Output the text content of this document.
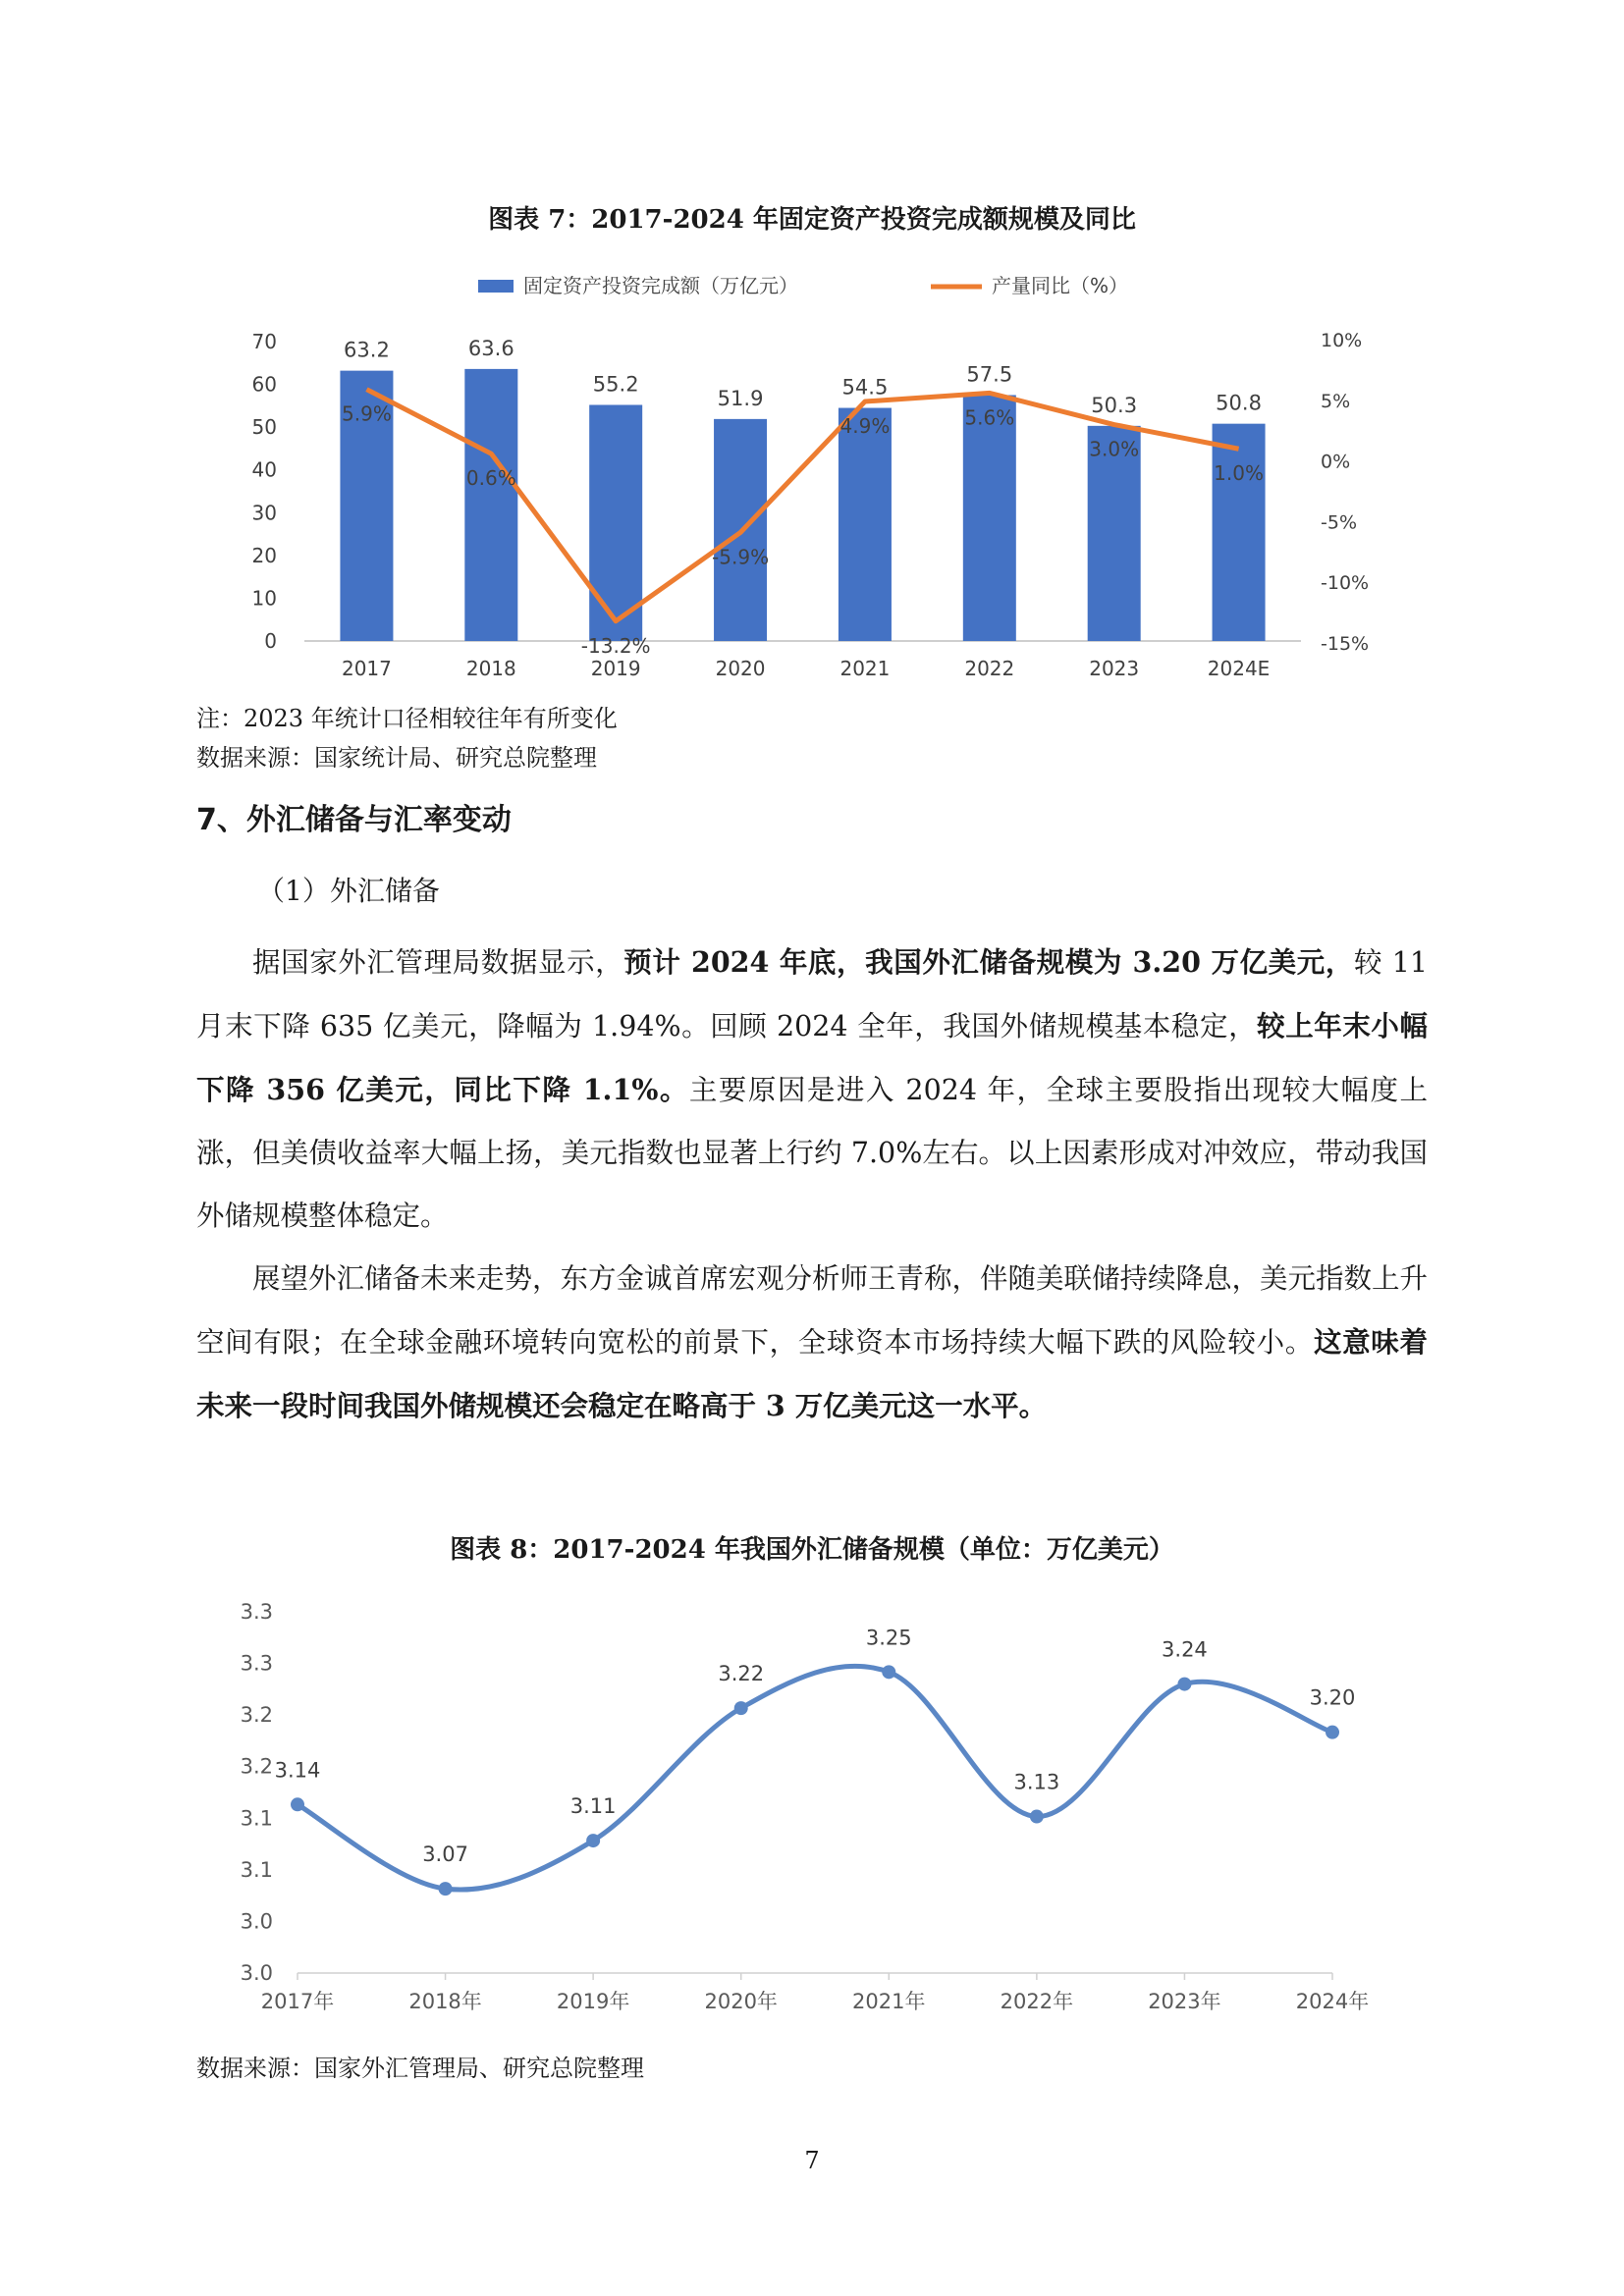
图表 7：2017-2024 年固定资产投资完成额规模及同比
固定资产投资完成额（万亿元）	产量同比（%）
0
10
20
30
40
50
60
70
-15%
-10%
-5%
0%
5%
10%
2017	2018	2019	2020	2021	2022	2023	2024E
63.2	63.6
55.2
51.9	54.5
57.5
50.3	50.8
5.9%
0.6%
-13.2%
-5.9%
4.9%	5.6%
3.0%
1.0%
注：2023 年统计口径相较往年有所变化
数据来源：国家统计局、研究总院整理
7、外汇储备与汇率变动
（1）外汇储备

据国家外汇管理局数据显示，预计 2024 年底，我国外汇储备规模为 3.20 万亿美元，较 11 月末下降 635 亿美元，降幅为 1.94%。回顾 2024 全年，我国外储规模基本稳定，较上年末小幅下降 356 亿美元，同比下降 1.1%。主要原因是进入 2024 年，全球主要股指出现较大幅度上涨，但美债收益率大幅上扬，美元指数也显著上行约 7.0%左右。以上因素形成对冲效应，带动我国外储规模整体稳定。

展望外汇储备未来走势，东方金诚首席宏观分析师王青称，伴随美联储持续降息，美元指数上升空间有限；在全球金融环境转向宽松的前景下，全球资本市场持续大幅下跌的风险较小。这意味着未来一段时间我国外储规模还会稳定在略高于 3 万亿美元这一水平。

图表 8：2017-2024 年我国外汇储备规模（单位：万亿美元）
3.0
3.0
3.1
3.1
3.2
3.2
3.3
3.3
2017年	2018年	2019年	2020年	2021年	2022年	2023年	2024年
3.14
3.07
3.11
3.22
3.25
3.13
3.24
3.20
数据来源：国家外汇管理局、研究总院整理
7
